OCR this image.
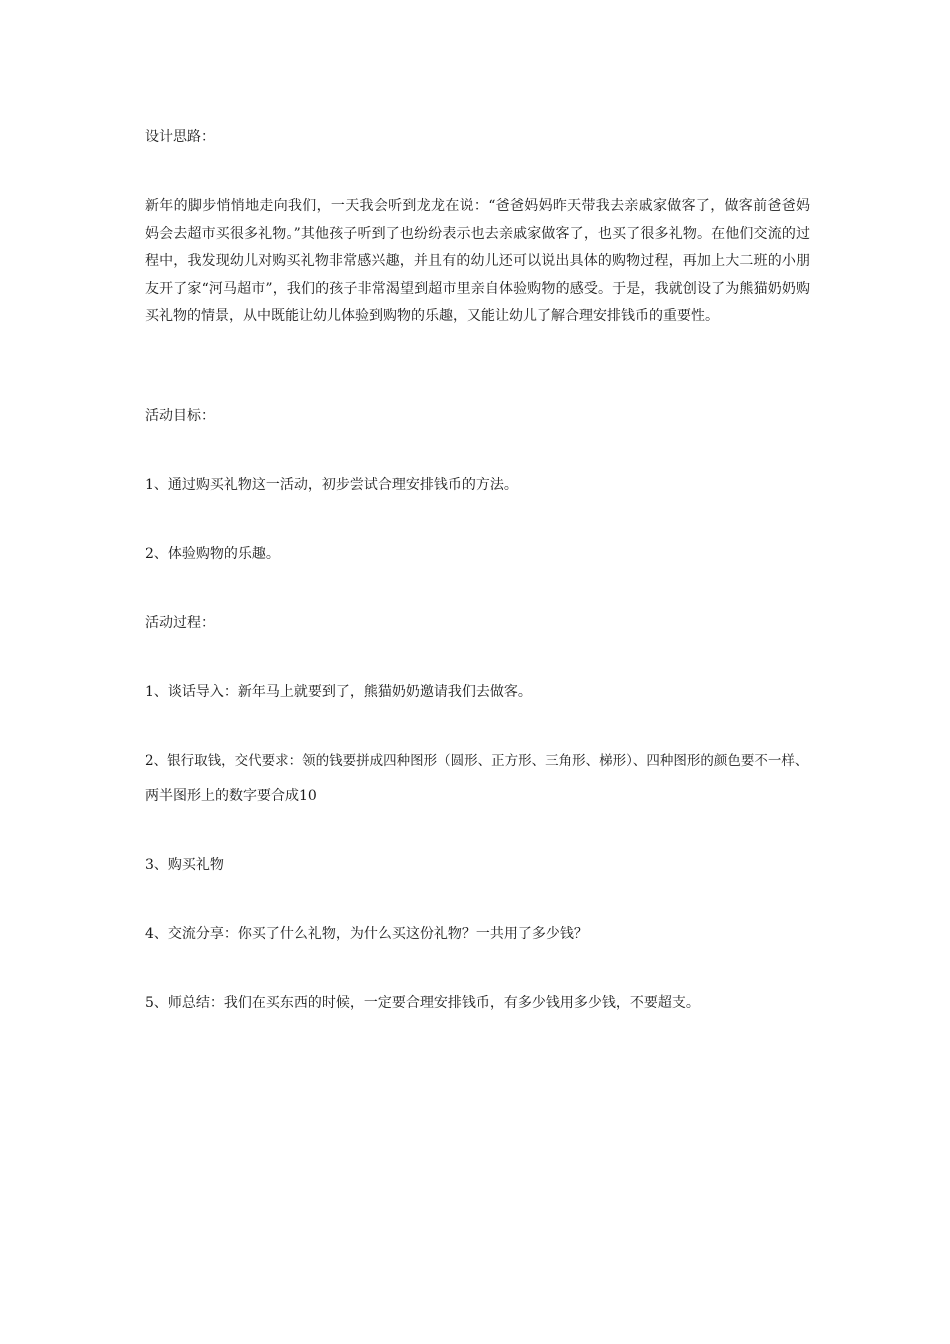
设计思路：

新年的脚步悄悄地走向我们，一天我会听到龙龙在说：“爸爸妈妈昨天带我去亲戚家做客了，做客前爸爸妈妈会去超市买很多礼物。”其他孩子听到了也纷纷表示也去亲戚家做客了，也买了很多礼物。在他们交流的过程中，我发现幼儿对购买礼物非常感兴趣，并且有的幼儿还可以说出具体的购物过程，再加上大二班的小朋友开了家“河马超市”，我们的孩子非常渴望到超市里亲自体验购物的感受。于是，我就创设了为熊猫奶奶购买礼物的情景，从中既能让幼儿体验到购物的乐趣，又能让幼儿了解合理安排钱币的重要性。

活动目标：

1、通过购买礼物这一活动，初步尝试合理安排钱币的方法。

2、体验购物的乐趣。

活动过程：

1、谈话导入：新年马上就要到了，熊猫奶奶邀请我们去做客。

2、银行取钱，交代要求：领的钱要拼成四种图形（圆形、正方形、三角形、梯形）、四种图形的颜色要不一样、

两半图形上的数字要合成10

3、购买礼物

4、交流分享：你买了什么礼物，为什么买这份礼物？一共用了多少钱？

5、师总结：我们在买东西的时候，一定要合理安排钱币，有多少钱用多少钱，不要超支。
